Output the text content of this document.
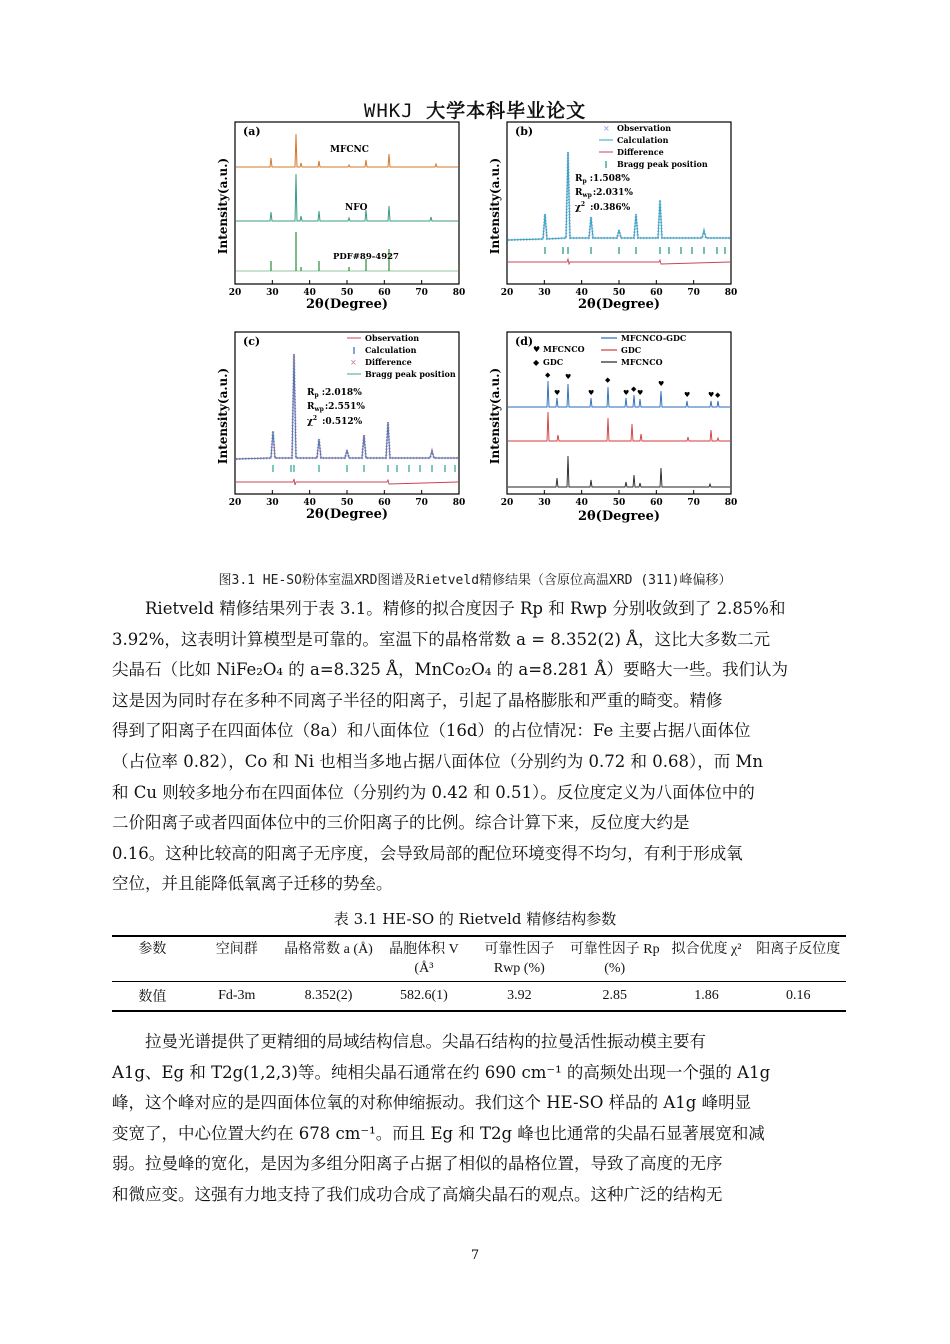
WHKJ 大学本科毕业论文
20	30	40	50	60	70	80
(a)
MFCNC
NFO
PDF#89-4927
Intensity(a.u.)
2θ(Degree)
20	30	40	50	60	70	80
(b)	× Observation
Calculation
Difference
Bragg peak position
$R_p$ :1.508%
$R_{wp}:2.031\%$
$\chi^2$ :0.386%
Intensity(a.u.)
2θ(Degree)
20	30	40	50	60	70	80
(c)	Observation
Calculation
× Difference
Bragg peak position
$R_p$ :2.018%
$R_{wp}:2.551\%$
$\chi^2$ :0.512%
Intensity(a.u.)
2θ(Degree)
20	30	40	50	60	70	80
(d)
◆
♥
♥
♥
◆
♥ ◆ ♥
♥
♥	♥ ◆
♥ MFCNCO
◆ GDC
MFCNCO-GDC
GDC
MFCNCO
Intensity(a.u.)
2θ(Degree)
图3.1 HE-SO粉体室温XRD图谱及Rietveld精修结果（含原位高温XRD (311)峰偏移）

Rietveld 精修结果列于表 3.1。精修的拟合度因子 Rp 和 Rwp 分别收敛到了 2.85%和
3.92%，这表明计算模型是可靠的。室温下的晶格常数 a = 8.352(2) Å，这比大多数二元
尖晶石（比如 NiFe₂O₄ 的 a=8.325 Å，MnCo₂O₄ 的 a=8.281 Å）要略大一些。我们认为
这是因为同时存在多种不同离子半径的阳离子，引起了晶格膨胀和严重的畸变。精修
得到了阳离子在四面体位（8a）和八面体位（16d）的占位情况：Fe 主要占据八面体位
（占位率 0.82），Co 和 Ni 也相当多地占据八面体位（分别约为 0.72 和 0.68），而 Mn
和 Cu 则较多地分布在四面体位（分别约为 0.42 和 0.51）。反位度定义为八面体位中的
二价阳离子或者四面体位中的三价阳离子的比例。综合计算下来，反位度大约是
0.16。这种比较高的阳离子无序度，会导致局部的配位环境变得不均匀，有利于形成氧
空位，并且能降低氧离子迁移的势垒。

表 3.1 HE-SO 的 Rietveld 精修结构参数
参数	空间群	晶格常数 a (Å)	晶胞体积 V (Å³	可靠性因子 Rwp (%)	可靠性因子 Rp (%)	拟合优度 χ²	阳离子反位度
数值	Fd-3m	8.352(2)	582.6(1)	3.92	2.85	1.86	0.16

拉曼光谱提供了更精细的局域结构信息。尖晶石结构的拉曼活性振动模主要有
A1g、Eg 和 T2g(1,2,3)等。纯相尖晶石通常在约 690 cm⁻¹ 的高频处出现一个强的 A1g
峰，这个峰对应的是四面体位氧的对称伸缩振动。我们这个 HE-SO 样品的 A1g 峰明显
变宽了，中心位置大约在 678 cm⁻¹。而且 Eg 和 T2g 峰也比通常的尖晶石显著展宽和减
弱。拉曼峰的宽化，是因为多组分阳离子占据了相似的晶格位置，导致了高度的无序
和微应变。这强有力地支持了我们成功合成了高熵尖晶石的观点。这种广泛的结构无

7
